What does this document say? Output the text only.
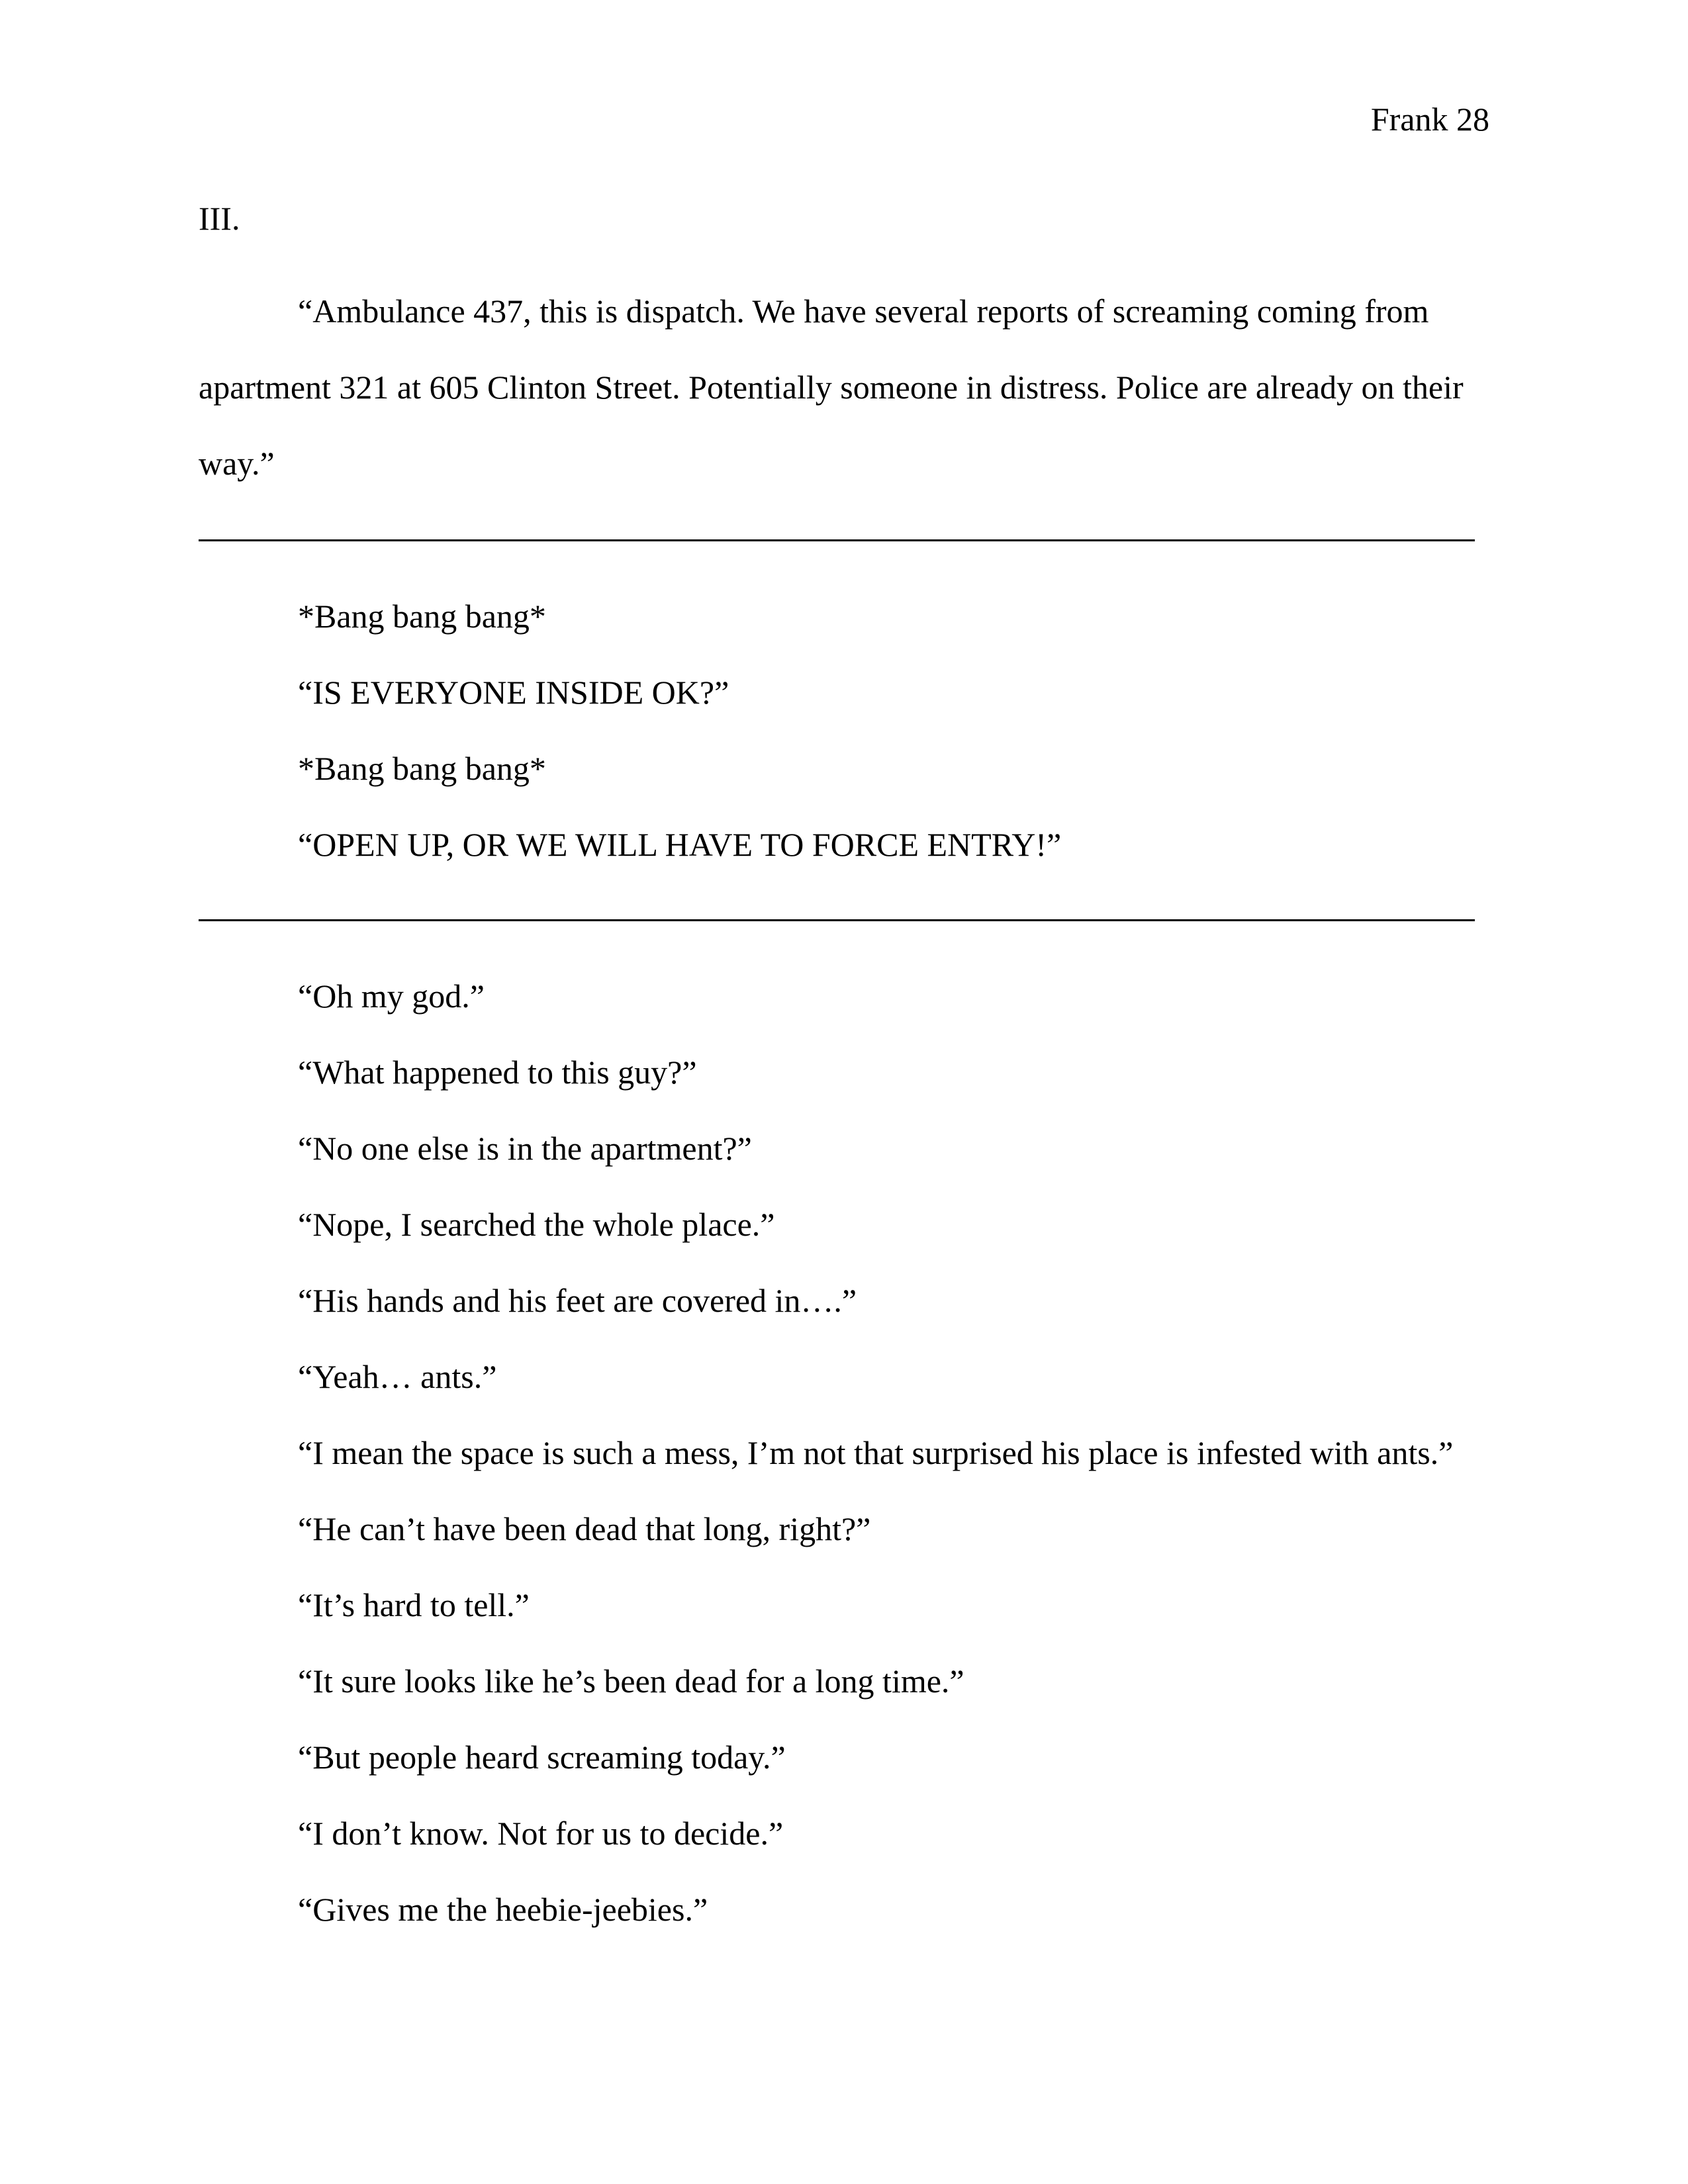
Frank 28
III.

“Ambulance 437, this is dispatch. We have several reports of screaming coming from apartment 321 at 605 Clinton Street. Potentially someone in distress. Police are already on their way.”

*Bang bang bang*
“IS EVERYONE INSIDE OK?”
*Bang bang bang*
“OPEN UP, OR WE WILL HAVE TO FORCE ENTRY!”
“Oh my god.”
“What happened to this guy?”
“No one else is in the apartment?”
“Nope, I searched the whole place.”
“His hands and his feet are covered in….”
“Yeah… ants.”
“I mean the space is such a mess, I’m not that surprised his place is infested with ants.”
“He can’t have been dead that long, right?”
“It’s hard to tell.”
“It sure looks like he’s been dead for a long time.”
“But people heard screaming today.”
“I don’t know. Not for us to decide.”
“Gives me the heebie-jeebies.”
